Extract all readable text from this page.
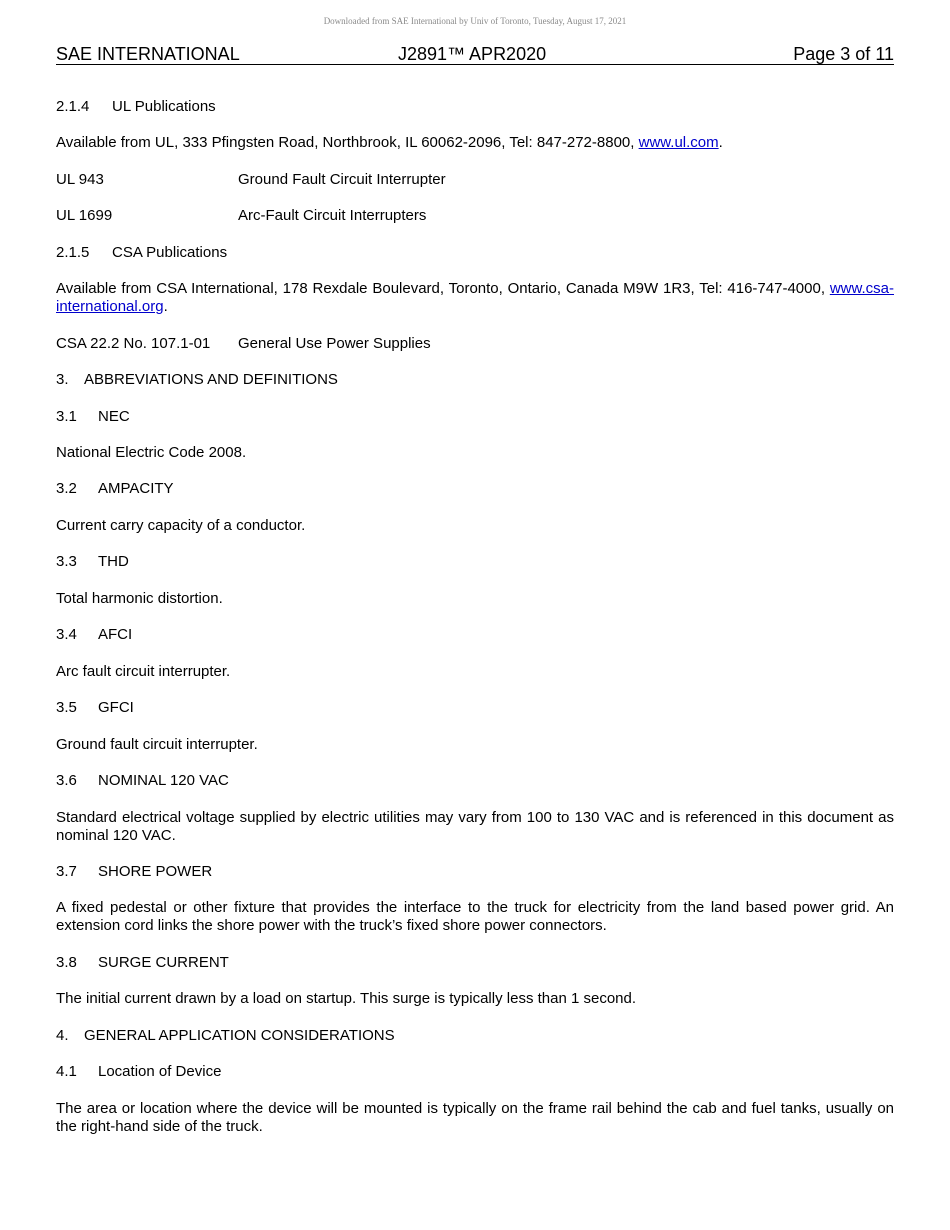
Downloaded from SAE International by Univ of Toronto, Tuesday, August 17, 2021
SAE INTERNATIONAL	J2891™ APR2020	Page 3 of 11
2.1.4 UL Publications
Available from UL, 333 Pfingsten Road, Northbrook, IL 60062-2096, Tel: 847-272-8800, www.ul.com.
UL 943	Ground Fault Circuit Interrupter
UL 1699	Arc-Fault Circuit Interrupters
2.1.5 CSA Publications
Available from CSA International, 178 Rexdale Boulevard, Toronto, Ontario, Canada M9W 1R3, Tel: 416-747-4000, www.csa-international.org.
CSA 22.2 No. 107.1-01 General Use Power Supplies
3. ABBREVIATIONS AND DEFINITIONS
3.1 NEC
National Electric Code 2008.
3.2 AMPACITY
Current carry capacity of a conductor.
3.3 THD
Total harmonic distortion.
3.4 AFCI
Arc fault circuit interrupter.
3.5 GFCI
Ground fault circuit interrupter.
3.6 NOMINAL 120 VAC
Standard electrical voltage supplied by electric utilities may vary from 100 to 130 VAC and is referenced in this document as nominal 120 VAC.
3.7 SHORE POWER
A fixed pedestal or other fixture that provides the interface to the truck for electricity from the land based power grid. An extension cord links the shore power with the truck’s fixed shore power connectors.
3.8 SURGE CURRENT
The initial current drawn by a load on startup. This surge is typically less than 1 second.
4. GENERAL APPLICATION CONSIDERATIONS
4.1 Location of Device
The area or location where the device will be mounted is typically on the frame rail behind the cab and fuel tanks, usually on the right-hand side of the truck.
